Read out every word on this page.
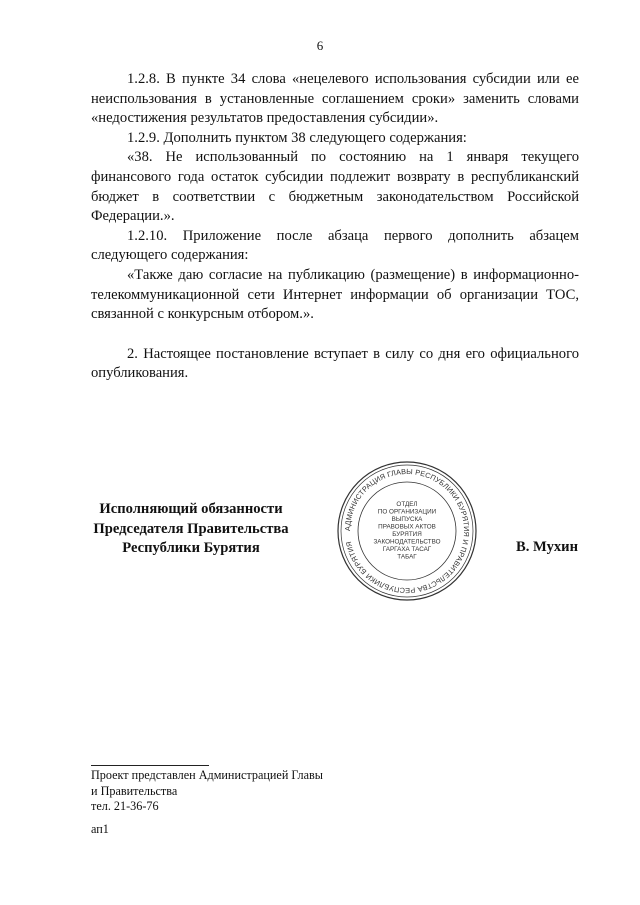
6

1.2.8. В пункте 34 слова «нецелевого использования субсидии или ее неиспользования в установленные соглашением сроки» заменить словами «недостижения результатов предоставления субсидии».

1.2.9. Дополнить пунктом 38 следующего содержания:

«38. Не использованный по состоянию на 1 января текущего финансового года остаток субсидии подлежит возврату в республиканский бюджет в соответствии с бюджетным законодательством Российской Федерации.».

1.2.10. Приложение после абзаца первого дополнить абзацем следующего содержания:

«Также даю согласие на публикацию (размещение) в информационно-телекоммуникационной сети Интернет информации об организации ТОС, связанной с конкурсным отбором.».

2. Настоящее постановление вступает в силу со дня его официального опубликования.

Исполняющий обязанности
Председателя Правительства
Республики Бурятия
АДМИНИСТРАЦИЯ ГЛАВЫ РЕСПУБЛИКИ БУРЯТИЯ И ПРАВИТЕЛЬСТВА РЕСПУБЛИКИ БУРЯТИЯ
ОТДЕЛ
ПО ОРГАНИЗАЦИИ
ВЫПУСКА
ПРАВОВЫХ АКТОВ
БУРЯТИЯ
ЗАКОНОДАТЕЛЬСТВО
ГАРГАХА ТАСАГ
ТАБАГ
В. Мухин
Проект представлен Администрацией Главы
и Правительства
тел. 21-36-76
ап1
